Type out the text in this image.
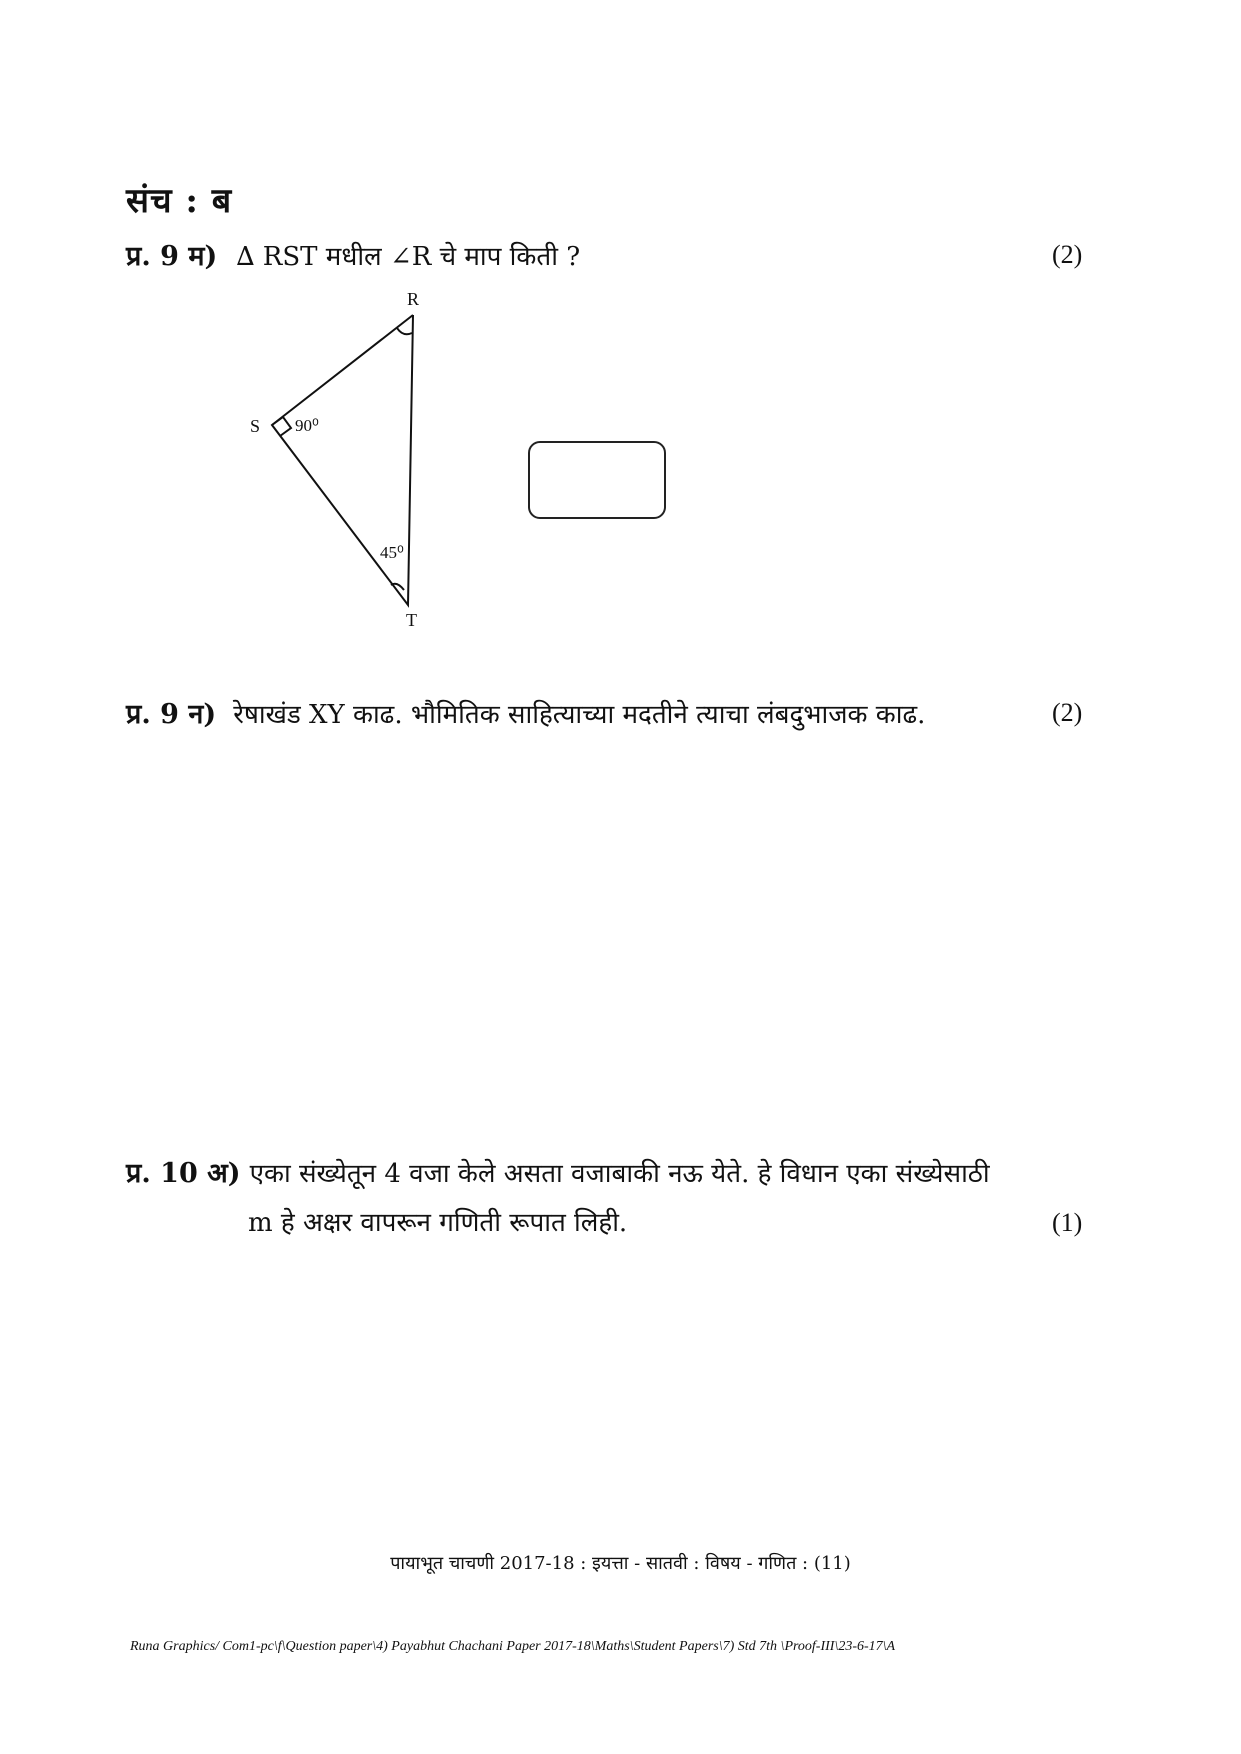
संच : ब
प्र. 9 म) ∆ RST मधील ∠R चे माप किती ?	(2)
R
S
T
90⁰
45⁰
प्र. 9 न) रेषाखंड XY काढ. भौमितिक साहित्याच्या मदतीने त्याचा लंबदुभाजक काढ.	(2)
प्र. 10 अ) एका संख्येतून 4 वजा केले असता वजाबाकी नऊ येते. हे विधान एका संख्येसाठी
m हे अक्षर वापरून गणिती रूपात लिही.	(1)
पायाभूत चाचणी 2017-18 : इयत्ता - सातवी : विषय - गणित : (11)
Runa Graphics/ Com1-pc\f\Question paper\4) Payabhut Chachani Paper 2017-18\Maths\Student Papers\7) Std 7th \Proof-III\23-6-17\A
